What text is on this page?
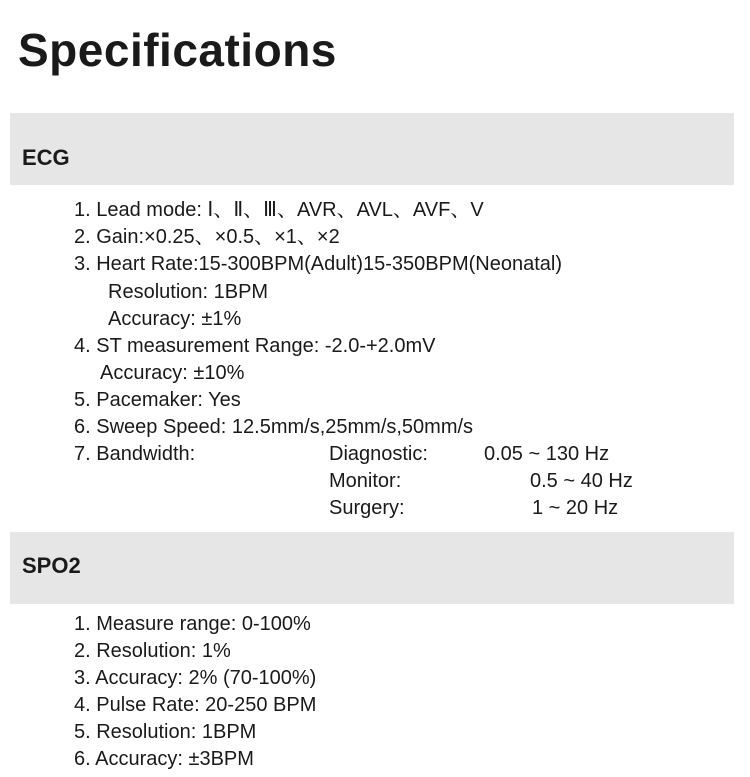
Specifications
ECG
1. Lead mode: Ⅰ、Ⅱ、Ⅲ、AVR、AVL、AVF、V
2. Gain:×0.25、×0.5、×1、×2
3. Heart Rate:15-300BPM(Adult)15-350BPM(Neonatal)
Resolution: 1BPM
Accuracy: ±1%
4. ST measurement Range: -2.0-+2.0mV
Accuracy: ±10%
5. Pacemaker: Yes
6. Sweep Speed: 12.5mm/s,25mm/s,50mm/s
7. Bandwidth:	Diagnostic:	0.05 ~ 130 Hz
Monitor:	0.5 ~ 40 Hz
Surgery:	1 ~ 20 Hz
SPO2
1. Measure range: 0-100%
2. Resolution: 1%
3. Accuracy: 2% (70-100%)
4. Pulse Rate: 20-250 BPM
5. Resolution: 1BPM
6. Accuracy: ±3BPM
